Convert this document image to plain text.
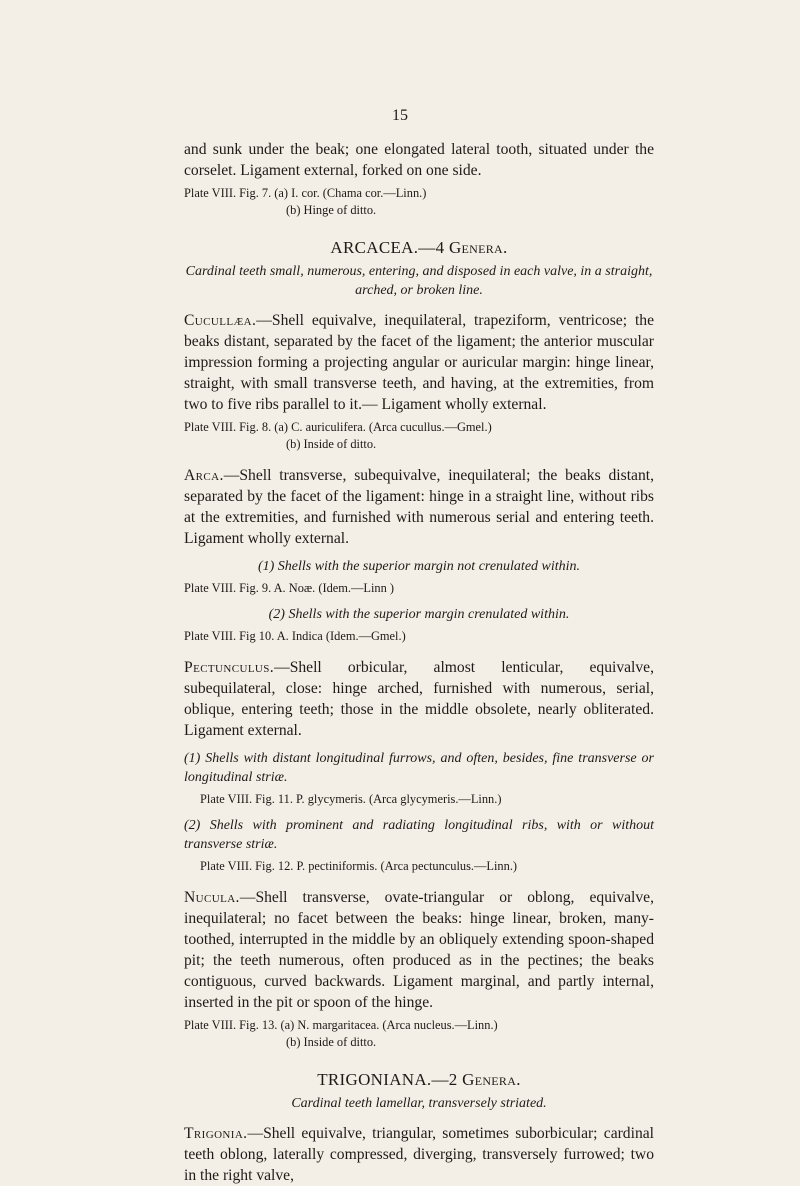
15

and sunk under the beak; one elongated lateral tooth, situated under the corselet. Ligament external, forked on one side.

Plate VIII. Fig. 7. (a) I. cor. (Chama cor.—Linn.)
(b) Hinge of ditto.
ARCACEA.—4 Genera.
Cardinal teeth small, numerous, entering, and disposed in each valve, in a straight, arched, or broken line.

Cucullæa.—Shell equivalve, inequilateral, trapeziform, ventricose; the beaks distant, separated by the facet of the ligament; the anterior muscular impression forming a projecting angular or auricular margin: hinge linear, straight, with small transverse teeth, and having, at the extremities, from two to five ribs parallel to it.— Ligament wholly external.

Plate VIII. Fig. 8. (a) C. auriculifera. (Arca cucullus.—Gmel.)
(b) Inside of ditto.

Arca.—Shell transverse, subequivalve, inequilateral; the beaks distant, separated by the facet of the ligament: hinge in a straight line, without ribs at the extremities, and furnished with numerous serial and entering teeth. Ligament wholly external.

(1) Shells with the superior margin not crenulated within.
Plate VIII. Fig. 9. A. Noæ. (Idem.—Linn )
(2) Shells with the superior margin crenulated within.
Plate VIII. Fig 10. A. Indica (Idem.—Gmel.)

Pectunculus.—Shell orbicular, almost lenticular, equivalve, subequilateral, close: hinge arched, furnished with numerous, serial, oblique, entering teeth; those in the middle obsolete, nearly obliterated. Ligament external.

(1) Shells with distant longitudinal furrows, and often, besides, fine transverse or longitudinal striæ.
Plate VIII. Fig. 11. P. glycymeris. (Arca glycymeris.—Linn.)
(2) Shells with prominent and radiating longitudinal ribs, with or without transverse striæ.
Plate VIII. Fig. 12. P. pectiniformis. (Arca pectunculus.—Linn.)

Nucula.—Shell transverse, ovate-triangular or oblong, equivalve, inequilateral; no facet between the beaks: hinge linear, broken, many-toothed, interrupted in the middle by an obliquely extending spoon-shaped pit; the teeth numerous, often produced as in the pectines; the beaks contiguous, curved backwards. Ligament marginal, and partly internal, inserted in the pit or spoon of the hinge.

Plate VIII. Fig. 13. (a) N. margaritacea. (Arca nucleus.—Linn.)
(b) Inside of ditto.
TRIGONIANA.—2 Genera.
Cardinal teeth lamellar, transversely striated.

Trigonia.—Shell equivalve, triangular, sometimes suborbicular; cardinal teeth oblong, laterally compressed, diverging, transversely furrowed; two in the right valve,
